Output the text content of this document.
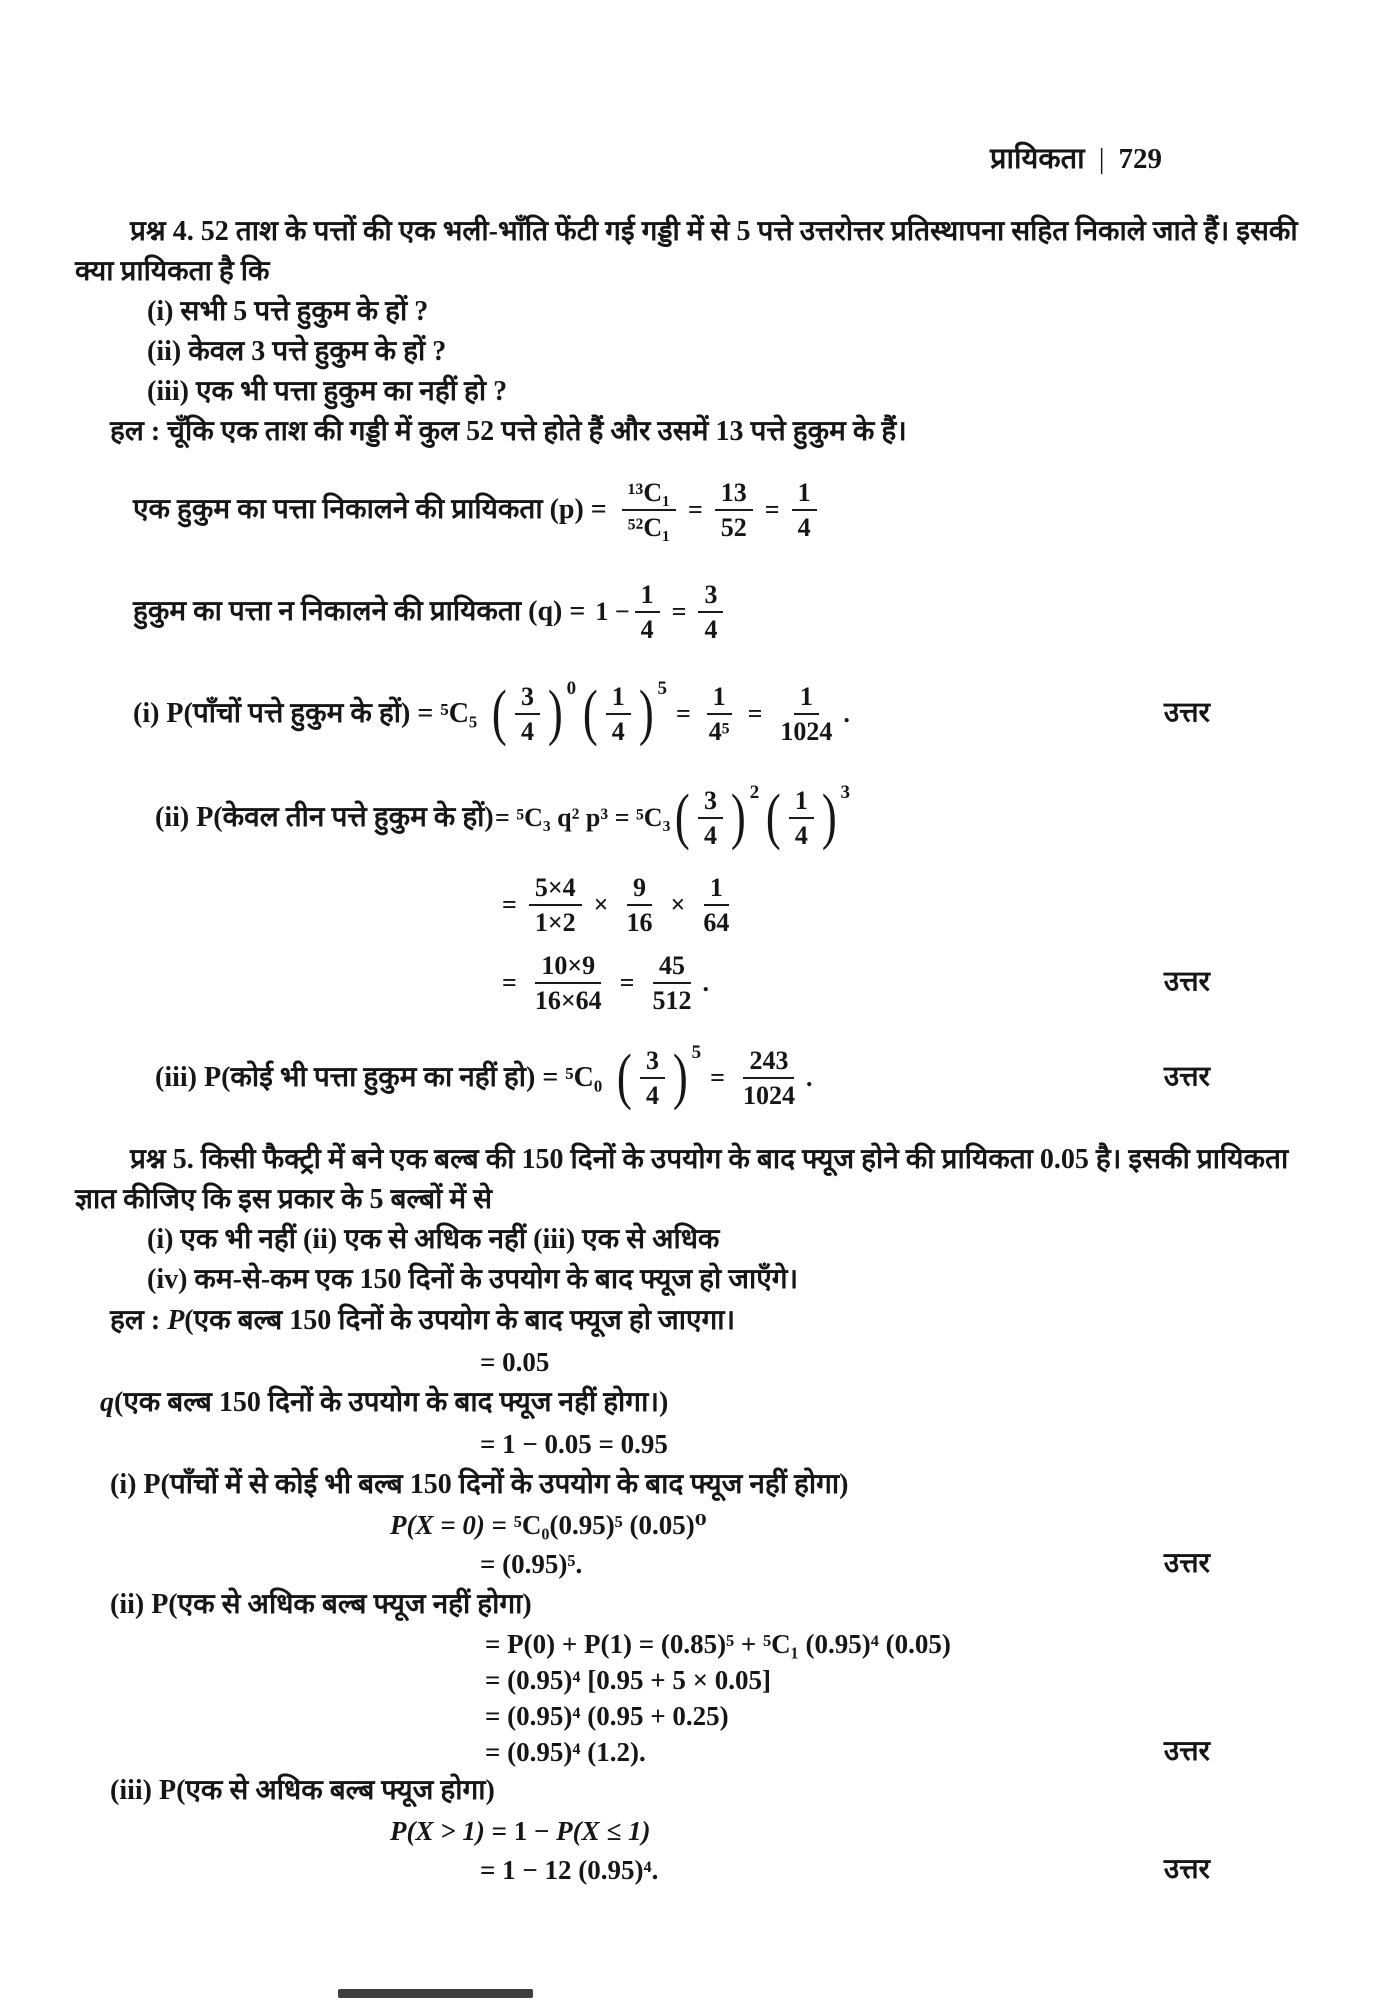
प्रायिकता | 729

प्रश्न 4. 52 ताश के पत्तों की एक भली-भाँति फेंटी गई गड्डी में से 5 पत्ते उत्तरोत्तर प्रतिस्थापना सहित निकाले जाते हैं। इसकी क्या प्रायिकता है कि

(i) सभी 5 पत्ते हुकुम के हों ?

(ii) केवल 3 पत्ते हुकुम के हों ?

(iii) एक भी पत्ता हुकुम का नहीं हो ?

हल : चूँकि एक ताश की गड्डी में कुल 52 पत्ते होते हैं और उसमें 13 पत्ते हुकुम के हैं।

एक हुकुम का पत्ता निकालने की प्रायिकता $(p) = \frac{\text{¹³C₁}}{\text{⁵²C₁}} = \frac{13}{52} = \frac{1}{4}$
हुकुम का पत्ता न निकालने की प्रायिकता $(q) = 1 - \frac{1}{4} = \frac{3}{4}$
(i) P(पाँचों पत्ते हुकुम के हों) = ⁵C₅ ( $\frac{3}{4}$ ) 0 ( $\frac{1}{4}$ ) 5
= $\frac{1}{\text{4⁵}} = \frac{1}{1024}$ .	उत्तर
(ii) P(केवल तीन पत्ते हुकुम के हों) = ⁵C₃ q² p³ = ⁵C₃ ( $\frac{3}{4}$ ) 2 ( $\frac{1}{4}$ ) 3
= $\frac{5\times 4}{1\times 2} \times \frac{9}{16} \times \frac{1}{64}$
= $\frac{10\times 9}{16\times 64} = \frac{45}{512}$ .	उत्तर
(iii) P(कोई भी पत्ता हुकुम का नहीं हो) = ⁵C₀ ( $\frac{3}{4}$ ) 5
= $\frac{243}{1024}$ .	उत्तर

प्रश्न 5. किसी फैक्ट्री में बने एक बल्ब की 150 दिनों के उपयोग के बाद फ्यूज होने की प्रायिकता 0.05 है। इसकी प्रायिकता ज्ञात कीजिए कि इस प्रकार के 5 बल्बों में से

(i) एक भी नहीं (ii) एक से अधिक नहीं (iii) एक से अधिक

(iv) कम-से-कम एक 150 दिनों के उपयोग के बाद फ्यूज हो जाएँगे।

हल : P(एक बल्ब 150 दिनों के उपयोग के बाद फ्यूज हो जाएगा।

= 0.05

q(एक बल्ब 150 दिनों के उपयोग के बाद फ्यूज नहीं होगा।)

= 1 − 0.05 = 0.95

(i) P(पाँचों में से कोई भी बल्ब 150 दिनों के उपयोग के बाद फ्यूज नहीं होगा)

P(X = 0) = ⁵C₀(0.95)⁵ (0.05)⁰

= (0.95)⁵.	उत्तर

(ii) P(एक से अधिक बल्ब फ्यूज नहीं होगा)

= P(0) + P(1) = (0.85)⁵ + ⁵C₁ (0.95)⁴ (0.05)

= (0.95)⁴ [0.95 + 5 × 0.05]

= (0.95)⁴ (0.95 + 0.25)

= (0.95)⁴ (1.2).	उत्तर

(iii) P(एक से अधिक बल्ब फ्यूज होगा)

P(X > 1) = 1 − P(X ≤ 1)

= 1 − 12 (0.95)⁴.	उत्तर
